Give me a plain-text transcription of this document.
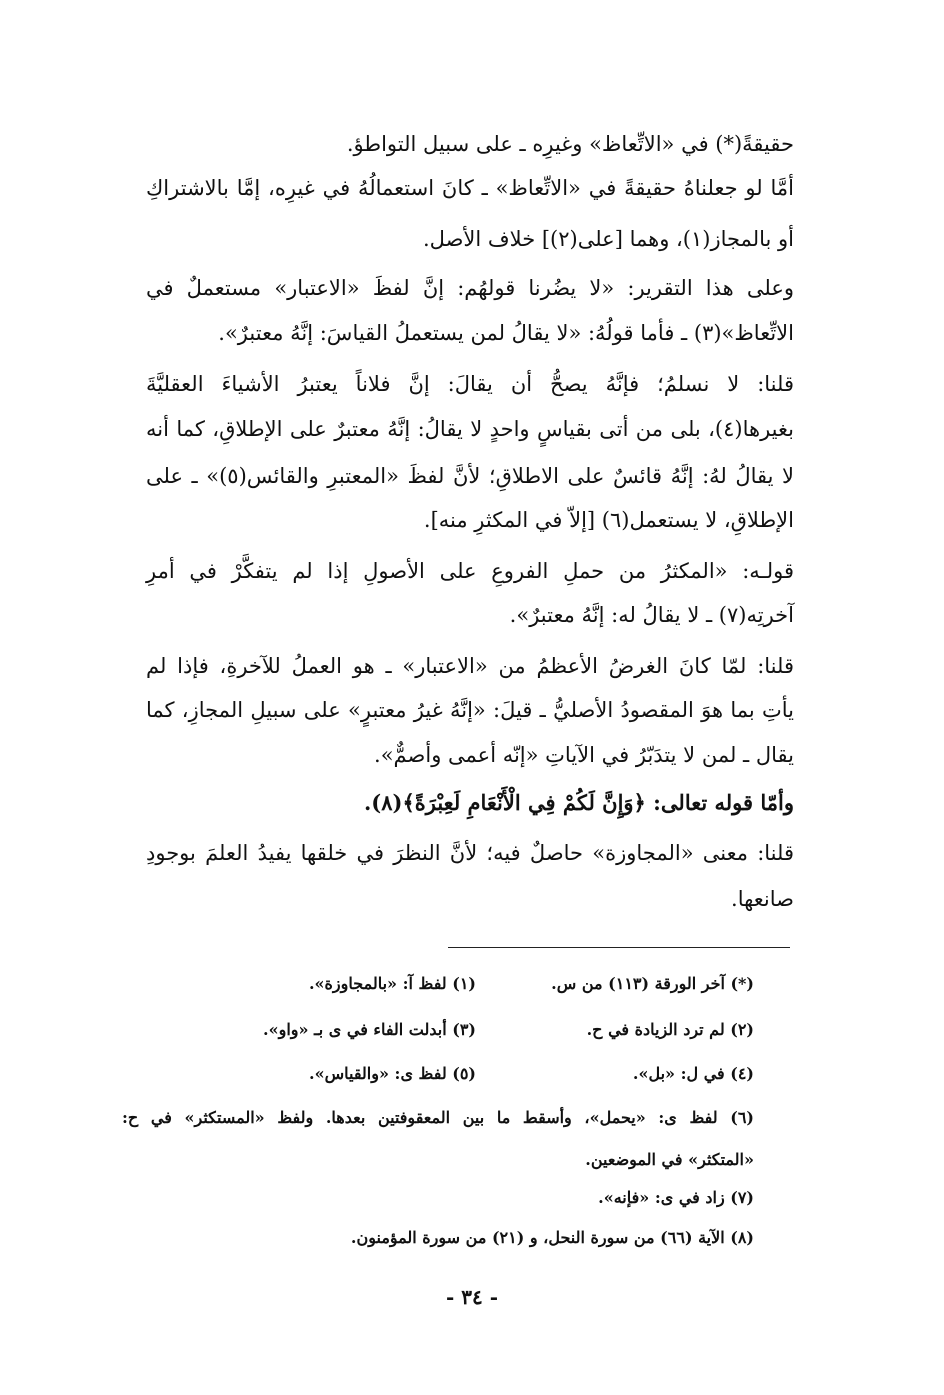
حقيقةً(*) في «الاتِّعاظ» وغيرِه ـ على سبيل التواطؤ.
أمَّا لو جعلناهُ حقيقةً في «الاتِّعاظ» ـ كانَ استعمالُهُ في غيرِه، إمَّا بالاشتراكِ
أو بالمجاز(١)، وهما [على(٢)] خلاف الأصل.
وعلى هذا التقرير: «لا يضُرنا قولهُم: إنَّ لفظَ «الاعتبار» مستعملٌ في
الاتِّعاظ»(٣) ـ فأما قولُهُ: «لا يقالُ لمن يستعملُ القياسَ: إنَّهُ معتبرٌ».
قلنا: لا نسلمُ؛ فإنَّهُ يصحُّ أن يقالَ: إنَّ فلاناً يعتبرُ الأشياءَ العقليَّةَ
بغيرها(٤)، بلى من أتى بقياسٍ واحدٍ لا يقالُ: إنَّهُ معتبرٌ على الإطلاقِ، كما أنه
لا يقالُ لهُ: إنَّهُ قائسٌ على الاطلاقِ؛ لأنَّ لفظَ «المعتبرِ والقائس(٥)» ـ على
الإطلاقِ، لا يستعمل(٦) [إلاّ في المكثرِ منه].
قولـه: «المكثرُ من حملِ الفروعِ على الأصولِ إذا لم يتفكَّرْ في أمرِ
آخرتِه(٧) ـ لا يقالُ له: إنَّهُ معتبرٌ».
قلنا: لمّا كانَ الغرضُ الأعظمُ من «الاعتبار» ـ هو العملُ للآخرةِ، فإذا لم
يأتِ بما هوَ المقصودُ الأصليُّ ـ قيلَ: «إنَّهُ غيرُ معتبرٍ» على سبيلِ المجازِ، كما
يقال ـ لمن لا يتدَبّرُ في الآياتِ «إنّه أعمى وأصمٌّ».
وأمّا قوله تعالى: ﴿وَإِنَّ لَكُمْ فِي الْأَنْعَامِ لَعِبْرَةً﴾(٨).
قلنا: معنى «المجاوزة» حاصلٌ فيه؛ لأنَّ النظرَ في خلقها يفيدُ العلمَ بوجودِ
صانعها.
(*) آخر الورقة (١١٣) من س.
(١) لفظ آ: «بالمجاوزة».
(٢) لم ترد الزيادة في ح.
(٣) أبدلت الفاء في ى بـ «واو».
(٤) في ل: «بل».
(٥) لفظ ى: «والقياس».
(٦) لفظ ى: «يحمل»، وأسقط ما بين المعقوفتين بعدها. ولفظ «المستكثر» في ح:
«المتكثر» في الموضعين.
(٧) زاد في ى: «فإنه».
(٨) الآية (٦٦) من سورة النحل، و (٢١) من سورة المؤمنون.
- ٣٤ -
